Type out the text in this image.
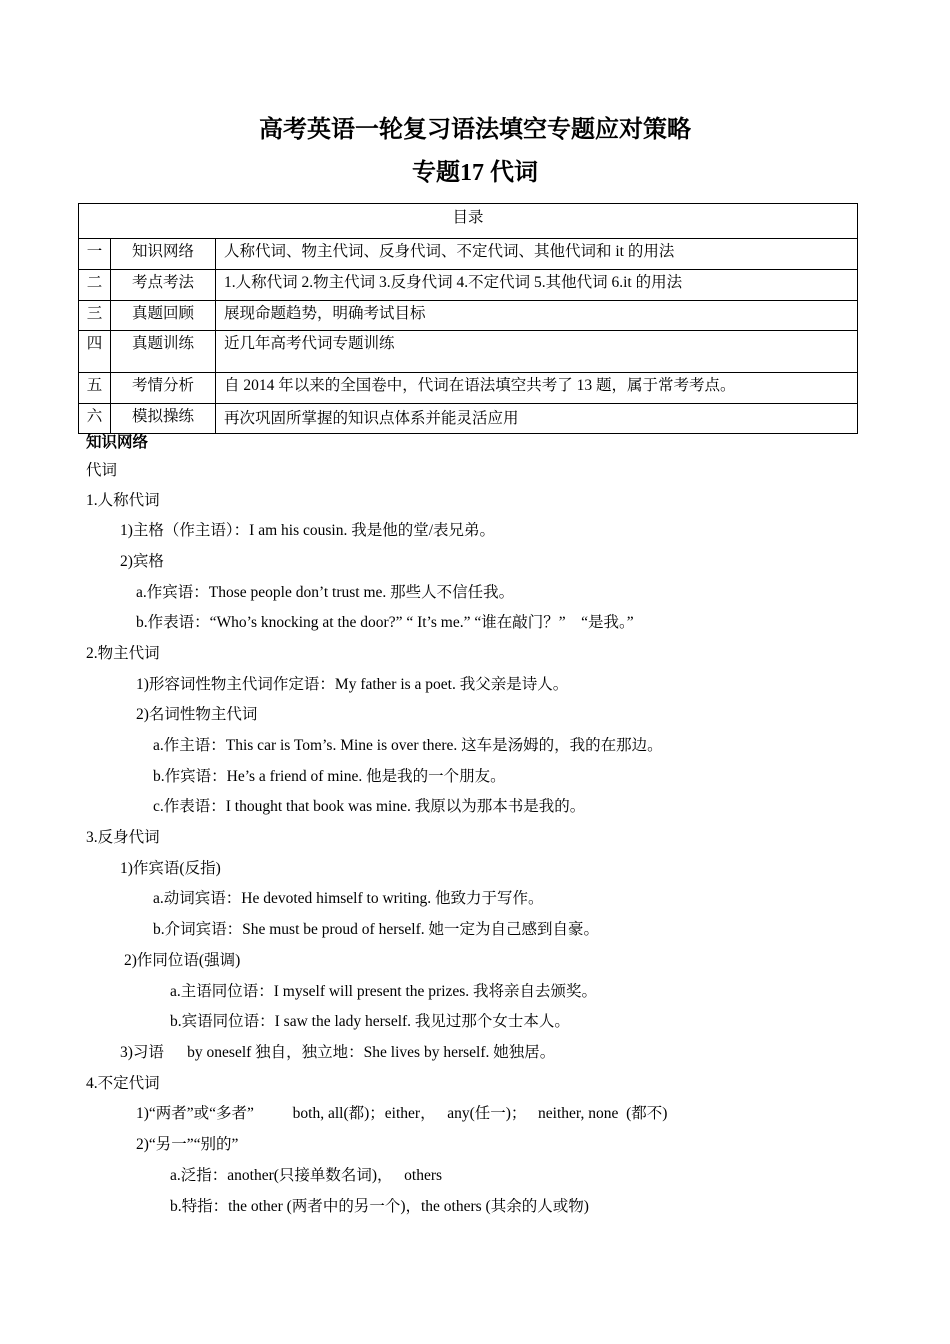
高考英语一轮复习语法填空专题应对策略
专题17 代词
目录		
一	知识网络	人称代词、物主代词、反身代词、不定代词、其他代词和 it 的用法
二	考点考法	1.人称代词 2.物主代词 3.反身代词 4.不定代词 5.其他代词 6.it 的用法
三	真题回顾	展现命题趋势，明确考试目标
四	真题训练	近几年高考代词专题训练
五	考情分析	自 2014 年以来的全国卷中，代词在语法填空共考了 13 题，属于常考考点。
六	模拟操练	再次巩固所掌握的知识点体系并能灵活应用
知识网络
代词
1.人称代词
1)主格（作主语）：I am his cousin. 我是他的堂/表兄弟。
2)宾格
a.作宾语：Those people don’t trust me. 那些人不信任我。
b.作表语：“Who’s knocking at the door?” “ It’s me.” “谁在敲门？”    “是我。”
2.物主代词
1)形容词性物主代词作定语：My father is a poet. 我父亲是诗人。
2)名词性物主代词
a.作主语：This car is Tom’s. Mine is over there. 这车是汤姆的，我的在那边。
b.作宾语：He’s a friend of mine. 他是我的一个朋友。
c.作表语：I thought that book was mine. 我原以为那本书是我的。
3.反身代词
1)作宾语(反指)
a.动词宾语：He devoted himself to writing. 他致力于写作。
b.介词宾语：She must be proud of herself. 她一定为自己感到自豪。
2)作同位语(强调)
a.主语同位语：I myself will present the prizes. 我将亲自去颁奖。
b.宾语同位语：I saw the lady herself. 我见过那个女士本人。
3)习语      by oneself 独自，独立地：She lives by herself. 她独居。
4.不定代词
1)“两者”或“多者”          both, all(都)；either，   any(任一)；   neither, none  (都不)
2)“另一”“别的”
a.泛指：another(只接单数名词)，   others
b.特指：the other (两者中的另一个)，the others (其余的人或物)
